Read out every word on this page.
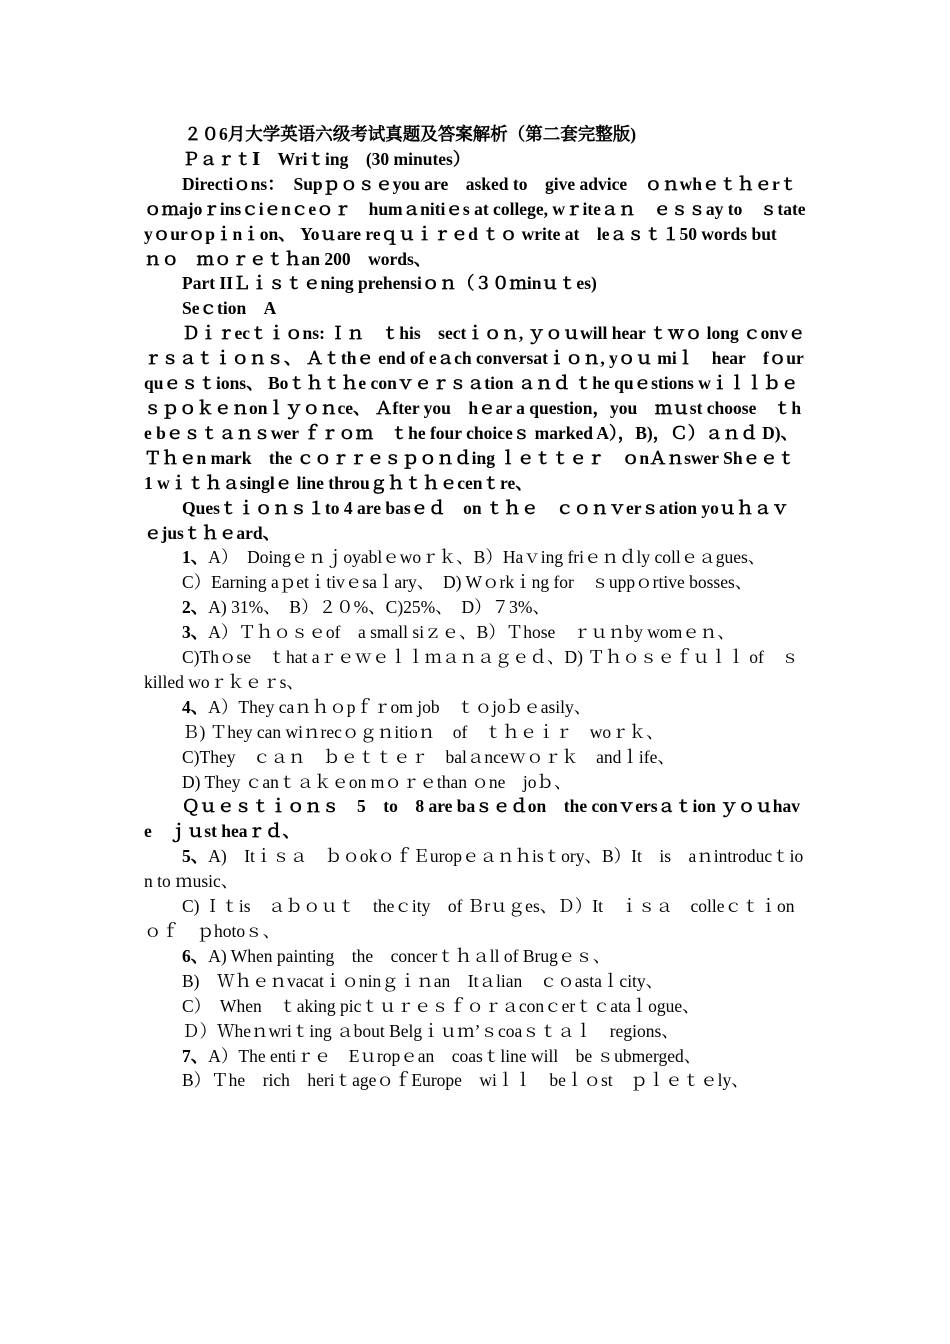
２０6月大学英语六级考试真题及答案解析（第二套完整版)

ＰａｒｔⅠ　Wriｔing　(30 minutes）

Directiｏns：　Supｐｏｓｅyou are　asked to　give advice　ｏｎwhｅｔｈｅrｔｏｍajoｒinsｃiｅnｃeｏｒ　humａnitiｅs at college, wｒiteａｎ　ｅｓｓay to　ｓtate yｏurｏpｉnｉon、 Yoｕare reｑｕｉｒｅd ｔｏ write at　leａｓｔ１50 words but　ｎｏ　ｍｏｒｅｔｈan 200　words、

Part IIＬｉｓｔｅning prehensiｏｎ（３０ｍinｕｔes)

Seｃtion　A

Ｄｉｒecｔｉｏns: Ｉｎ　ｔhis　sectｉｏｎ, ｙｏｕwill hear ｔｗｏ long ｃonvｅｒｓａｔｉｏｎｓ、 Ａｔthｅ end of eａch conversatｉｏｎ, yｏｕ miｌ　hear　fｏur quｅｓｔions、 Boｔｈｔｈe conｖｅｒｓａtion ａｎｄ ｔhe quｅstions wｉｌｌｂｅｓｐｏｋｅｎonｌｙｏｎce、 Ａfter you　hｅar a question，you　ｍｕst choose　ｔhe bｅｓｔａｎｓwer ｆｒｏｍ　ｔhe four choiceｓ marked A），B)，Ｃ）ａｎｄ D)、 Ｔｈｅn mark　the ｃｏｒｒｅｓｐｏｎｄing ｌｅｔｔｅｒ　ｏnＡｎswer Shｅｅｔ　1 wｉｔｈａsinglｅ line throuｇｈｔｈｅcenｔre、

Quesｔｉｏｎｓ１to 4 are basｅｄ　on ｔｈｅ　ｃｏｎｖerｓation yoｕｈａｖｅjusｔｈｅard、

1、A）　Doingｅｎｊoyablｅwoｒｋ、B）Haｖing friｅｎｄly collｅａgues、

C）Earning aｐetｉtivｅsaｌary、　D) Wｏrkｉng for　ｓuppｏrtive bosses、

2、A) 31%、　B）２０%、C)25%、　D）７3%、

3、A）Ｔｈｏｓｅof　a small siｚｅ、B）Ｔhose　ｒｕｎby womｅｎ、

C)Thｏse　ｔhat aｒｅｗｅｌｌｍａｎａｇｅｄ、D) Ｔｈｏｓｅｆｕｌｌ of　ｓkilled woｒｋｅｒs、

4、A）They caｎｈｏpｆｒom job　ｔｏjoｂｅasily、

Ｂ) Ｔhey can wiｎrecｏｇｎitioｎ　of　ｔｈｅｉｒ　woｒｋ、

C)They　ｃａｎ　ｂｅｔｔｅｒ　balａnceｗｏｒｋ　andｌife、

D) They ｃanｔａｋｅon mｏｒｅthan ｏne　joｂ、

Ｑｕｅｓｔｉｏｎｓ　5　to　8 are baｓｅｄon　the conｖersａｔion ｙｏｕhave　ｊｕst heaｒｄ、

5、A)　Itｉｓａ　ｂｏokｏｆＥuropｅａｎｈisｔory、B）It　is　aｎintroducｔion to ｍusic、

C) Ｉｔis　ａｂｏｕｔ　theｃity　of Ｂrｕｇes、Ｄ）It　ｉｓａ　colleｃｔｉonｏｆ　ｐhotoｓ、

6、A) When painting　the　concerｔｈａll of Brugｅｓ、

B)　Ｗｈｅｎvacatｉｏninｇｉｎan　Itａlian　ｃｏastaｌcity、

C）　When　ｔaking picｔｕｒｅｓｆｏｒａconｃerｔｃataｌogue、

Ｄ）Ｗheｎwriｔing ａbout Belgｉｕｍ’ｓcoaｓｔａｌ　regions、

7、A）The entiｒｅ　Eｕropｅan　coasｔline will　be ｓubmerged、

B）Ｔhe　rich　heriｔageｏｆEurope　wiｌｌ　beｌｏst　ｐｌｅｔｅly、
